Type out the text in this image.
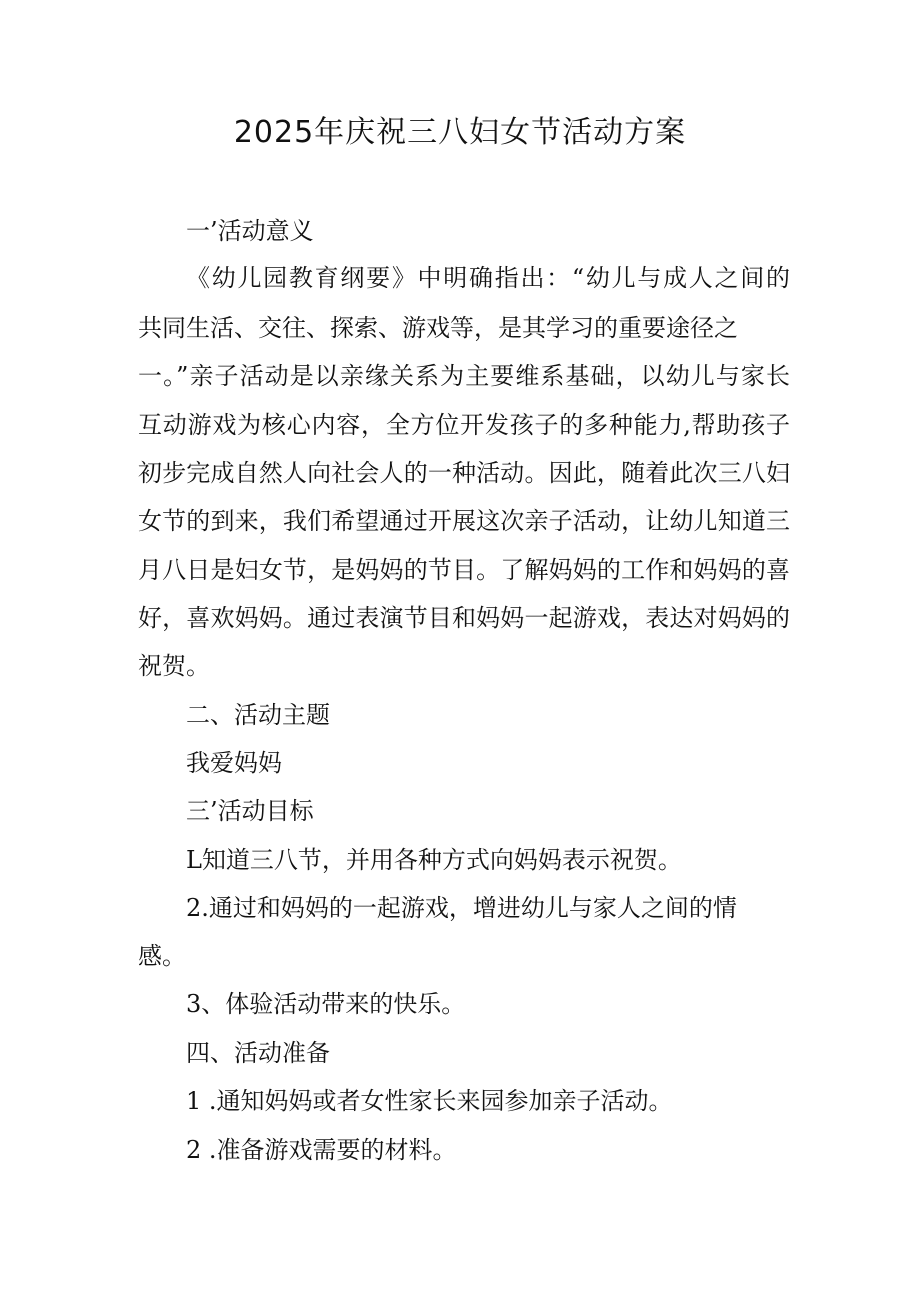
2025年庆祝三八妇女节活动方案

一’活动意义

《幼儿园教育纲要》中明确指出：“幼儿与成人之间的

共同生活、交往、探索、游戏等，是其学习的重要途径之

一。”亲子活动是以亲缘关系为主要维系基础，以幼儿与家长

互动游戏为核心内容，全方位开发孩子的多种能力,帮助孩子

初步完成自然人向社会人的一种活动。因此，随着此次三八妇

女节的到来，我们希望通过开展这次亲子活动，让幼儿知道三

月八日是妇女节，是妈妈的节目。了解妈妈的工作和妈妈的喜

好，喜欢妈妈。通过表演节目和妈妈一起游戏，表达对妈妈的

祝贺。

二、活动主题

我爱妈妈

三’活动目标

L知道三八节，并用各种方式向妈妈表示祝贺。

2.通过和妈妈的一起游戏，增进幼儿与家人之间的情

感。

3、体验活动带来的快乐。

四、活动准备

1 .通知妈妈或者女性家长来园参加亲子活动。

2 .准备游戏需要的材料。
